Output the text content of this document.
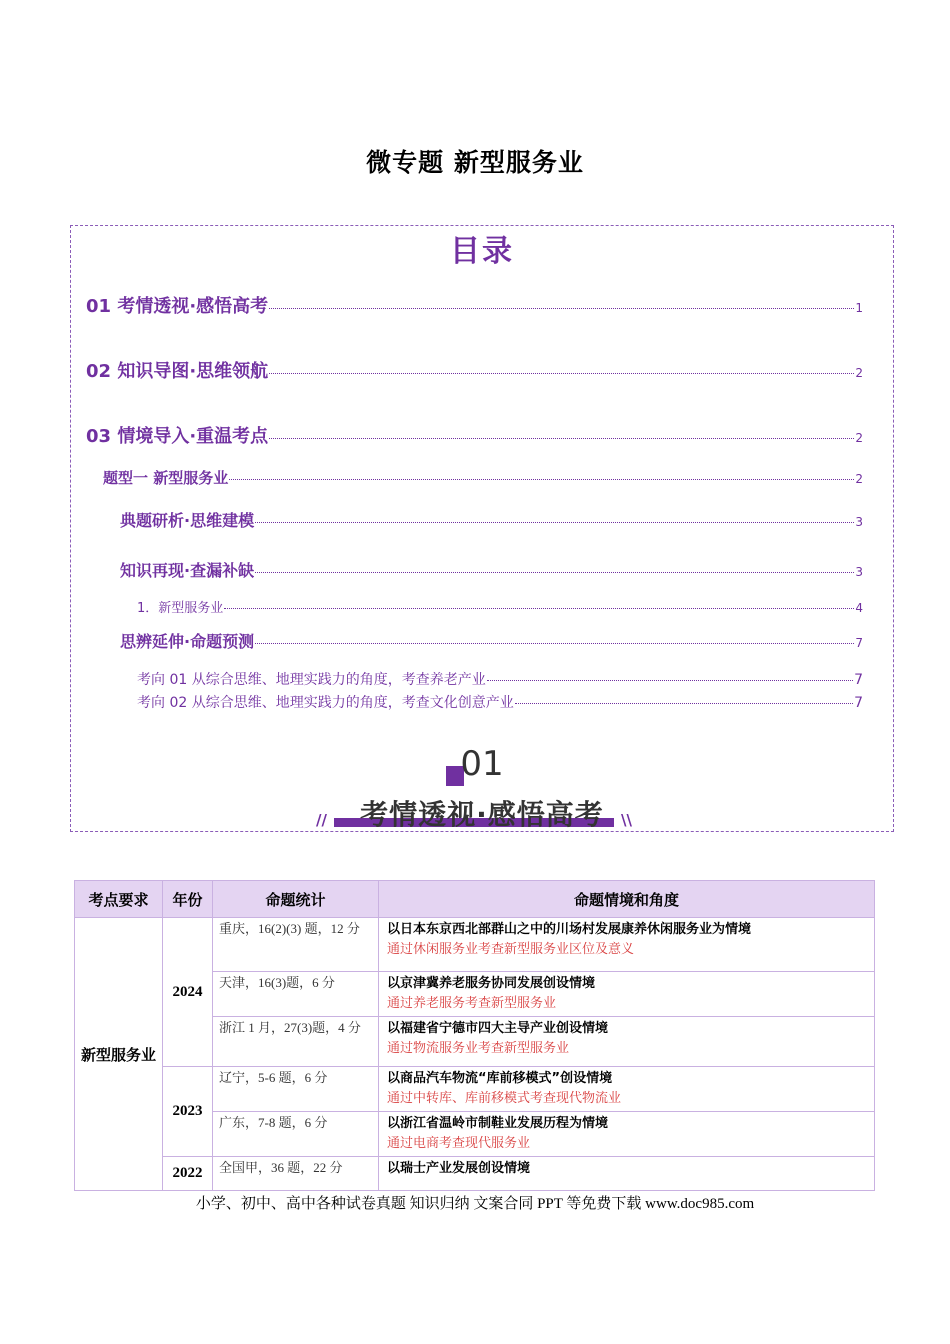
微专题 新型服务业
目录
01 考情透视·感悟高考	1
02 知识导图·思维领航	2
03 情境导入·重温考点	2
题型一 新型服务业	2
典题研析·思维建模	3
知识再现·查漏补缺	3
1．新型服务业	4
思辨延伸·命题预测	7
考向 01 从综合思维、地理实践力的角度，考查养老产业	7
考向 02 从综合思维、地理实践力的角度，考查文化创意产业	7
01
考情透视·感悟高考
//	\\
考点要求	年份	命题统计	命题情境和角度
新型服务业	2024	重庆，16(2)(3) 题，12 分	以日本东京西北部群山之中的川场村发展康养休闲服务业为情境
通过休闲服务业考查新型服务业区位及意义

		天津，16(3)题，6 分	以京津冀养老服务协同发展创设情境
通过养老服务考查新型服务业

		浙江 1 月，27(3)题，4 分	以福建省宁德市四大主导产业创设情境
通过物流服务业考查新型服务业

	2023	辽宁，5-6 题，6 分	以商品汽车物流“库前移模式”创设情境
通过中转库、库前移模式考查现代物流业

		广东，7-8 题，6 分	以浙江省温岭市制鞋业发展历程为情境
通过电商考查现代服务业

	2022	全国甲，36 题，22 分	以瑞士产业发展创设情境
小学、初中、高中各种试卷真题 知识归纳 文案合同 PPT 等免费下载 www.doc985.com
